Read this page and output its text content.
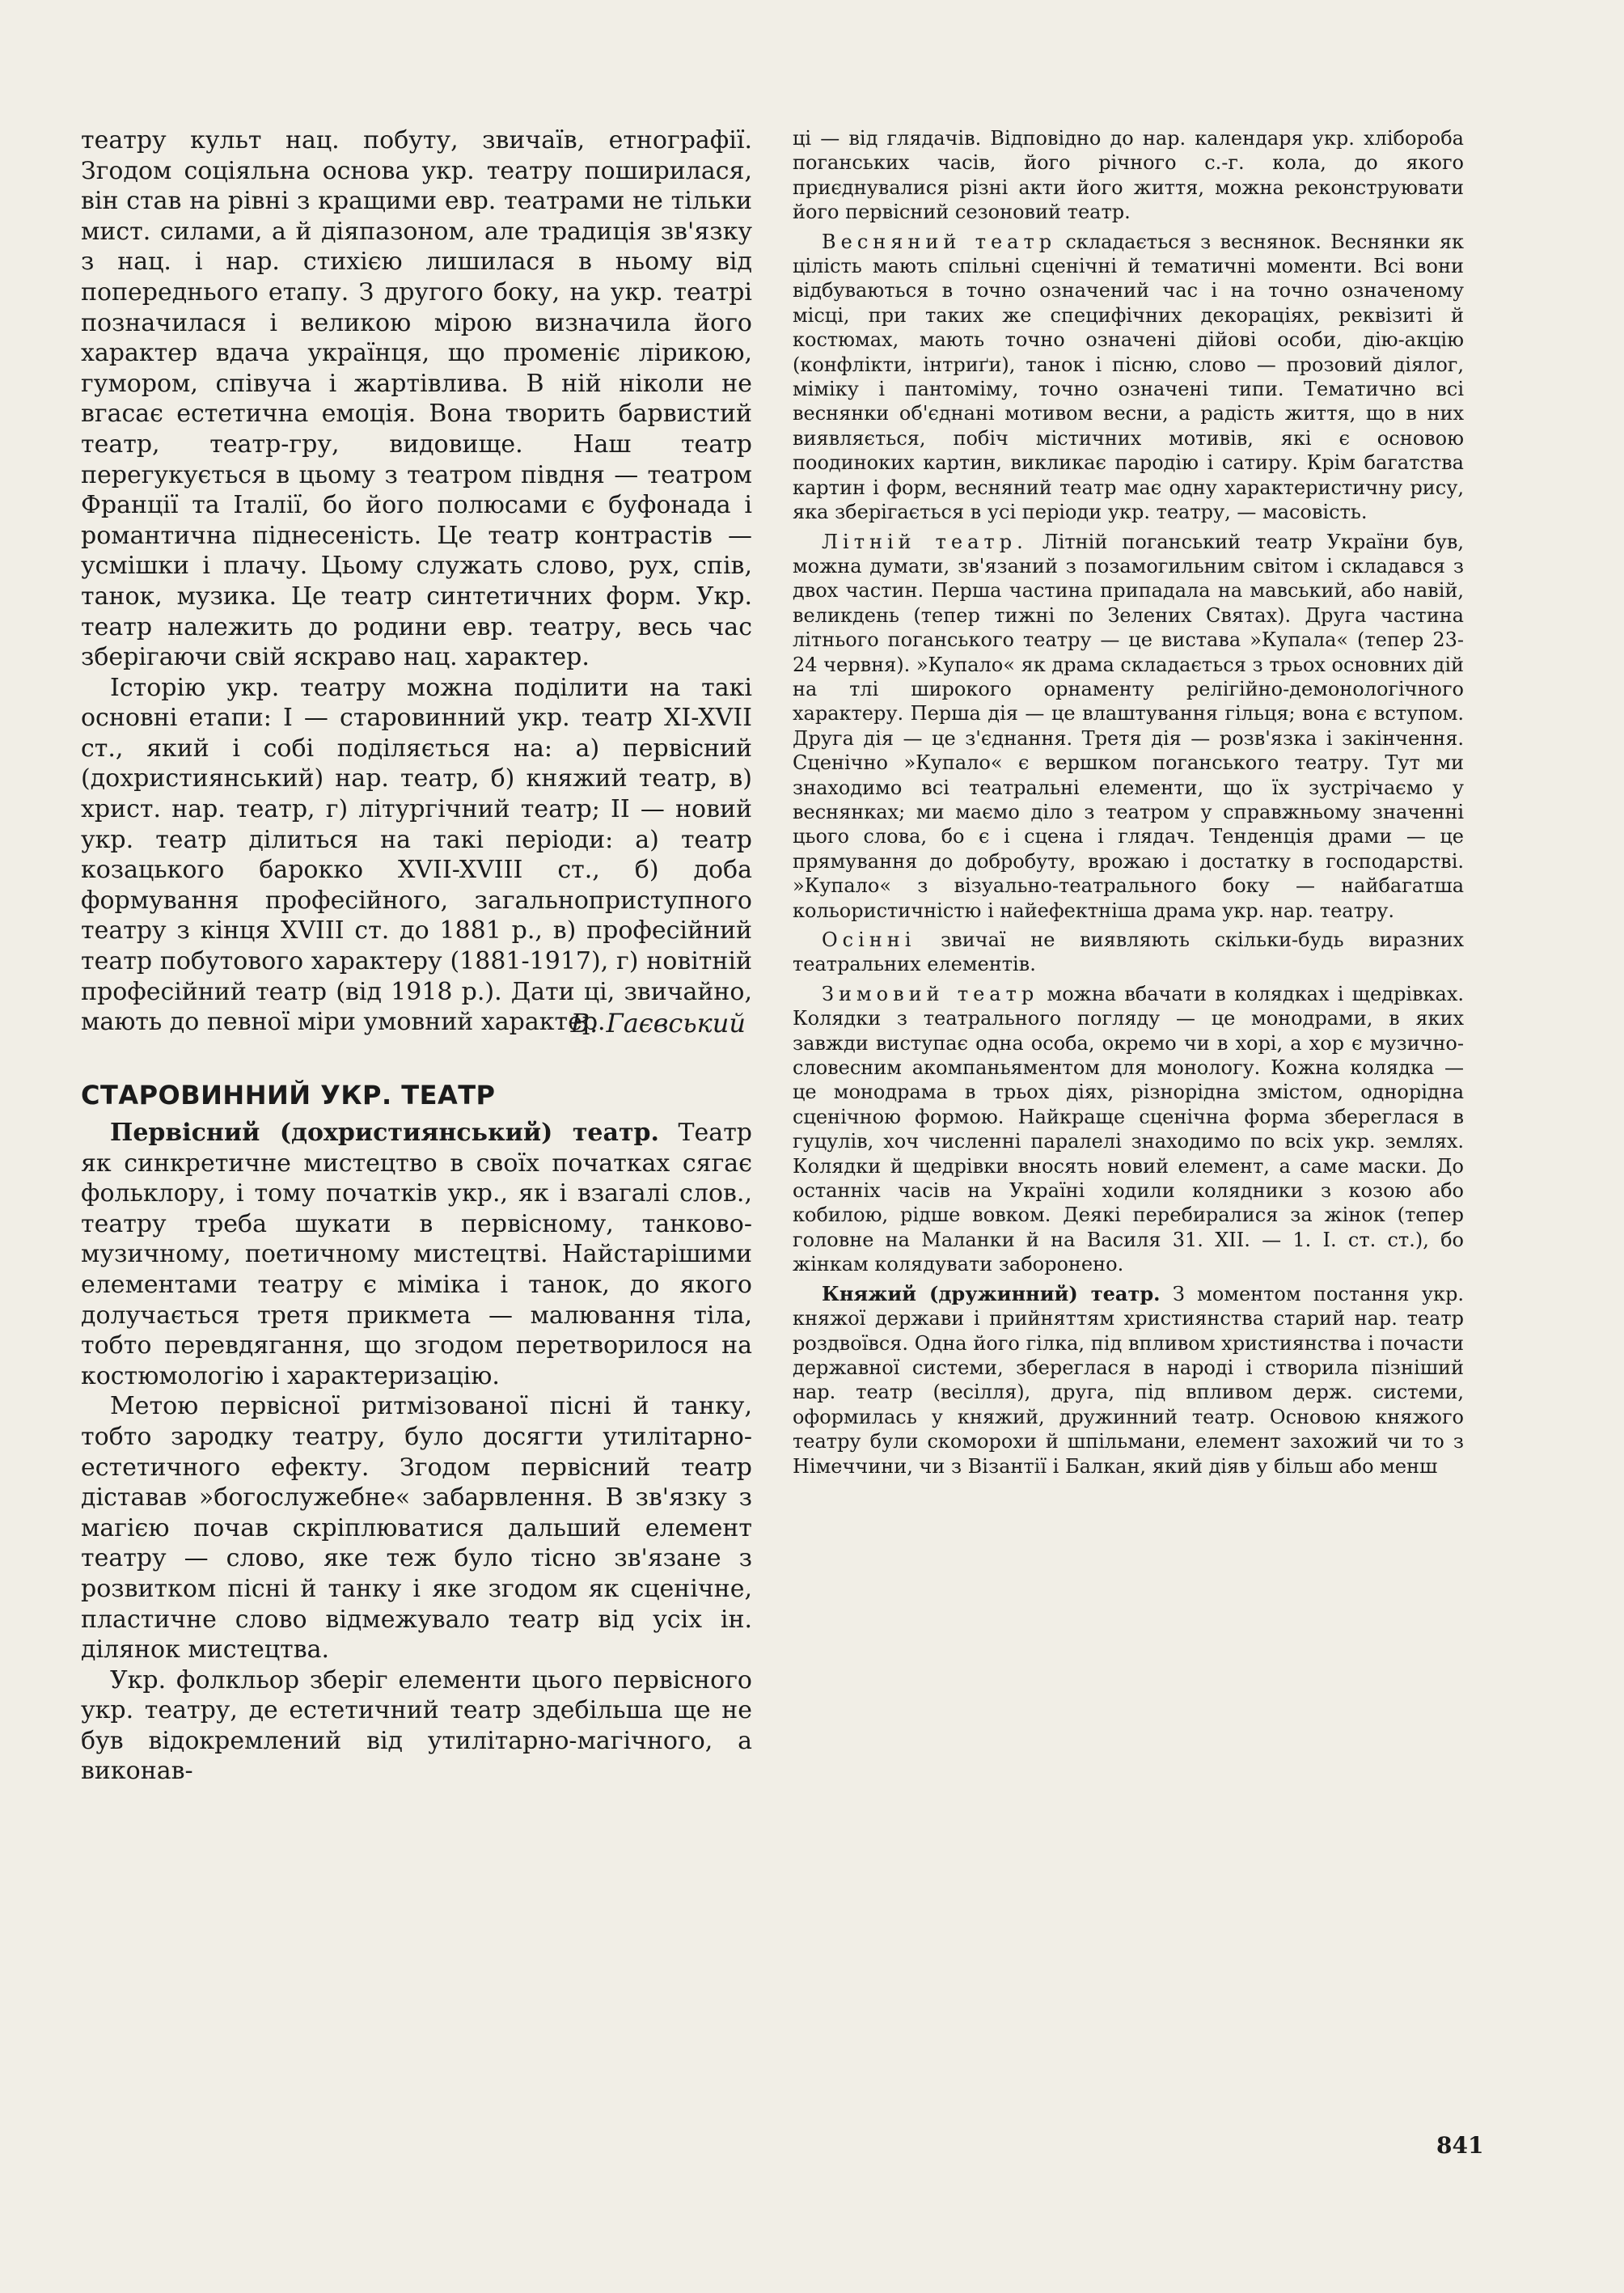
театру культ нац. побуту, звичаїв, етнографії. Згодом соціяльна основа укр. театру поширилася, він став на рівні з кращими евр. театрами не тільки мист. силами, а й діяпазоном, але традиція зв'язку з нац. і нар. стихією лишилася в ньому від попереднього етапу. З другого боку, на укр. театрі позначилася і великою мірою визначила його характер вдача українця, що променіє лірикою, гумором, співуча і жартівлива. В ній ніколи не вгасає естетична емоція. Вона творить барвистий театр, театр-гру, видовище. Наш театр перегукується в цьому з театром півдня — театром Франції та Італії, бо його полюсами є буфонада і романтична піднесеність. Це театр контрастів — усмішки і плачу. Цьому служать слово, рух, спів, танок, музика. Це театр синтетичних форм. Укр. театр належить до родини евр. театру, весь час зберігаючи свій яскраво нац. характер.

Історію укр. театру можна поділити на такі основні етапи: I — старовинний укр. театр XI-XVII ст., який і собі поділяється на: а) первісний (дохристиянський) нар. театр, б) княжий театр, в) христ. нар. театр, г) літургічний театр; II — новий укр. театр ділиться на такі періоди: а) театр козацького барокко XVII-XVIII ст., б) доба формування професійного, загальноприступного театру з кінця XVIII ст. до 1881 р., в) професійний театр побутового характеру (1881-1917), г) новітній професійний театр (від 1918 р.). Дати ці, звичайно, мають до певної міри умовний характер.

В. Гаєвський
СТАРОВИННИЙ УКР. ТЕАТР

Первісний (дохристиянський) театр. Театр як синкретичне мистецтво в своїх початках сягає фольклору, і тому початків укр., як і взагалі слов., театру треба шукати в первісному, танково-музичному, поетичному мистецтві. Найстарішими елементами театру є міміка і танок, до якого долучається третя прикмета — малювання тіла, тобто перевдягання, що згодом перетворилося на костюмологію і характеризацію.

Метою первісної ритмізованої пісні й танку, тобто зародку театру, було досягти утилітарно-естетичного ефекту. Згодом первісний театр діставав »богослужебне« забарвлення. В зв'язку з магією почав скріплюватися дальший елемент театру — слово, яке теж було тісно зв'язане з розвитком пісні й танку і яке згодом як сценічне, пластичне слово відмежувало театр від усіх ін. ділянок мистецтва.

Укр. фолкльор зберіг елементи цього первісного укр. театру, де естетичний театр здебільша ще не був відокремлений від утилітарно-магічного, а виконав-

ці — від глядачів. Відповідно до нар. календаря укр. хлібороба поганських часів, його річного с.-г. кола, до якого приєднувалися різні акти його життя, можна реконструювати його первісний сезоновий театр.

Весняний театр складається з веснянок. Веснянки як цілість мають спільні сценічні й тематичні моменти. Всі вони відбуваються в точно означений час і на точно означеному місці, при таких же специфічних декораціях, реквізиті й костюмах, мають точно означені дійові особи, дію-акцію (конфлікти, інтриґи), танок і пісню, слово — прозовий діялог, міміку і пантоміму, точно означені типи. Тематично всі веснянки об'єднані мотивом весни, а радість життя, що в них виявляється, побіч містичних мотивів, які є основою поодиноких картин, викликає пародію і сатиру. Крім багатства картин і форм, весняний театр має одну характеристичну рису, яка зберігається в усі періоди укр. театру, — масовість.

Літній театр. Літній поганський театр України був, можна думати, зв'язаний з позамогильним світом і складався з двох частин. Перша частина припадала на мавський, або навій, великдень (тепер тижні по Зелених Святах). Друга частина літнього поганського театру — це вистава »Купала« (тепер 23-24 червня). »Купало« як драма складається з трьох основних дій на тлі широкого орнаменту релігійно-демонологічного характеру. Перша дія — це влаштування гільця; вона є вступом. Друга дія — це з'єднання. Третя дія — розв'язка і закінчення. Сценічно »Купало« є вершком поганського театру. Тут ми знаходимо всі театральні елементи, що їх зустрічаємо у веснянках; ми маємо діло з театром у справжньому значенні цього слова, бо є і сцена і глядач. Тенденція драми — це прямування до добробуту, врожаю і достатку в господарстві. »Купало« з візуально-театрального боку — найбагатша кольористичністю і найефектніша драма укр. нар. театру.

Осінні звичаї не виявляють скільки-будь виразних театральних елементів.

Зимовий театр можна вбачати в колядках і щедрівках. Колядки з театрального погляду — це монодрами, в яких завжди виступає одна особа, окремо чи в хорі, а хор є музично-словесним акомпаньяментом для монологу. Кожна колядка — це монодрама в трьох діях, різнорідна змістом, однорідна сценічною формою. Найкраще сценічна форма збереглася в гуцулів, хоч численні паралелі знаходимо по всіх укр. землях. Колядки й щедрівки вносять новий елемент, а саме маски. До останніх часів на Україні ходили колядники з козою або кобилою, рідше вовком. Деякі перебиралися за жінок (тепер головне на Маланки й на Василя 31. XII. — 1. I. ст. ст.), бо жінкам колядувати заборонено.

Княжий (дружинний) театр. З моментом постання укр. княжої держави і прийняттям християнства старий нар. театр роздвоївся. Одна його гілка, під впливом християнства і почасти державної системи, збереглася в народі і створила пізніший нар. театр (весілля), друга, під впливом держ. системи, оформилась у княжий, дружинний театр. Основою княжого театру були скоморохи й шпільмани, елемент захожий чи то з Німеччини, чи з Візантії і Балкан, який діяв у більш або менш

841
